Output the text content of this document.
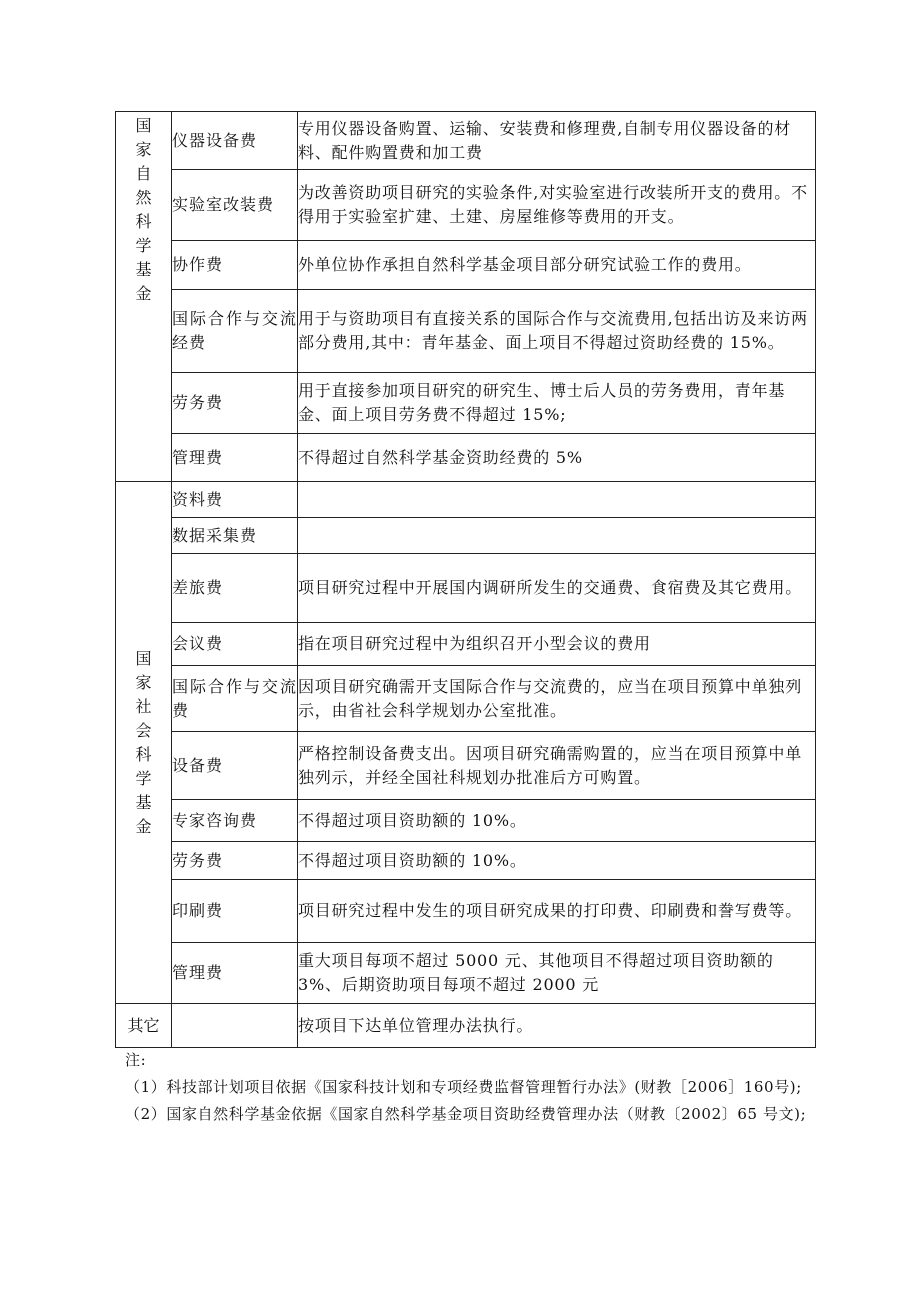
国家自然科学基金	仪器设备费	专用仪器设备购置、运输、安装费和修理费,自制专用仪器设备的材料、配件购置费和加工费
	实验室改装费	为改善资助项目研究的实验条件,对实验室进行改装所开支的费用。不得用于实验室扩建、土建、房屋维修等费用的开支。
	协作费	外单位协作承担自然科学基金项目部分研究试验工作的费用。
	国际合作与交流经费	用于与资助项目有直接关系的国际合作与交流费用,包括出访及来访两部分费用,其中：青年基金、面上项目不得超过资助经费的 15%。
	劳务费	用于直接参加项目研究的研究生、博士后人员的劳务费用，青年基金、面上项目劳务费不得超过 15%;
	管理费	不得超过自然科学基金资助经费的 5%
国家社会科学基金	资料费	
	数据采集费	
	差旅费	项目研究过程中开展国内调研所发生的交通费、食宿费及其它费用。
	会议费	指在项目研究过程中为组织召开小型会议的费用
	国际合作与交流费	因项目研究确需开支国际合作与交流费的，应当在项目预算中单独列示，由省社会科学规划办公室批准。
	设备费	严格控制设备费支出。因项目研究确需购置的，应当在项目预算中单独列示，并经全国社科规划办批准后方可购置。
	专家咨询费	不得超过项目资助额的 10%。
	劳务费	不得超过项目资助额的 10%。
	印刷费	项目研究过程中发生的项目研究成果的打印费、印刷费和誊写费等。
	管理费	重大项目每项不超过 5000 元、其他项目不得超过项目资助额的 3%、后期资助项目每项不超过 2000 元
其它		按项目下达单位管理办法执行。

注:

（1）科技部计划项目依据《国家科技计划和专项经费监督管理暂行办法》(财教［2006］160号);

（2）国家自然科学基金依据《国家自然科学基金项目资助经费管理办法（财教〔2002〕65 号文);
